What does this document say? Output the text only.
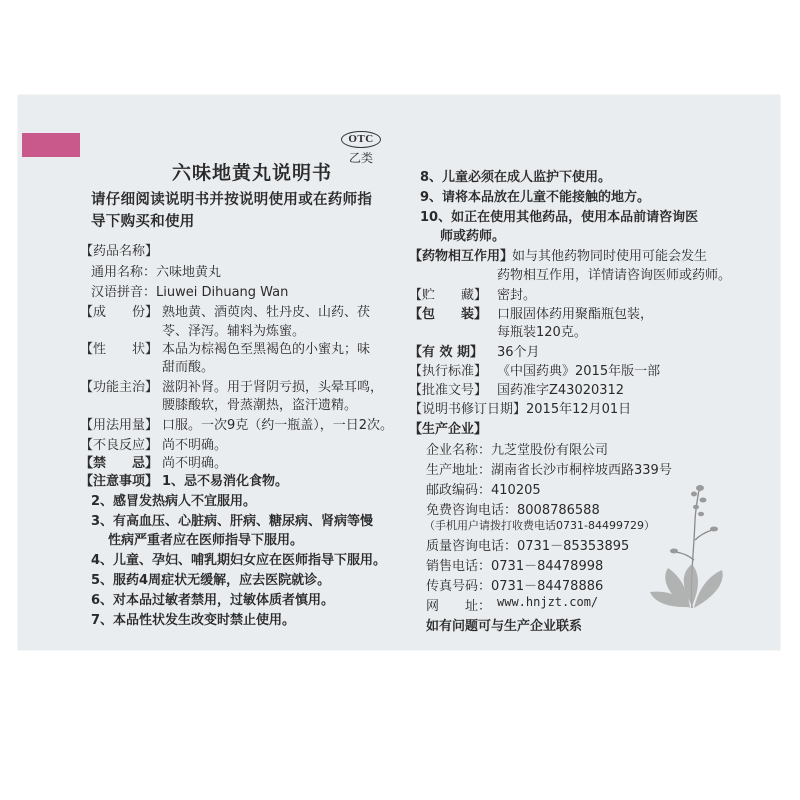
OTC
乙类
六味地黄丸说明书
请仔细阅读说明书并按说明使用或在药师指
导下购买和使用
【药品名称】
通用名称：六味地黄丸
汉语拼音：Liuwei Dihuang Wan
【成　　份】 熟地黄、酒萸肉、牡丹皮、山药、茯
苓、泽泻。辅料为炼蜜。
【性　　状】 本品为棕褐色至黑褐色的小蜜丸；味
甜而酸。
【功能主治】 滋阴补肾。用于肾阴亏损，头晕耳鸣，
腰膝酸软，骨蒸潮热，盗汗遗精。
【用法用量】 口服。一次9克（约一瓶盖），一日2次。
【不良反应】 尚不明确。
【禁　　忌】 尚不明确。
【注意事项】 1、忌不易消化食物。
2、感冒发热病人不宜服用。
3、有高血压、心脏病、肝病、糖尿病、肾病等慢
性病严重者应在医师指导下服用。
4、儿童、孕妇、哺乳期妇女应在医师指导下服用。
5、服药4周症状无缓解，应去医院就诊。
6、对本品过敏者禁用，过敏体质者慎用。
7、本品性状发生改变时禁止使用。
8、儿童必须在成人监护下使用。
9、请将本品放在儿童不能接触的地方。
10、如正在使用其他药品，使用本品前请咨询医
师或药师。
【药物相互作用】
如与其他药物同时使用可能会发生
药物相互作用，详情请咨询医师或药师。
【贮　　藏】 密封。
【包　　装】 口服固体药用聚酯瓶包装，
每瓶装120克。
【有 效 期】 36个月
【执行标准】 《中国药典》2015年版一部
【批准文号】 国药准字Z43020312
【说明书修订日期】 2015年12月01日
【生产企业】
企业名称：九芝堂股份有限公司
生产地址：湖南省长沙市桐梓坡西路339号
邮政编码：410205
免费咨询电话：8008786588
（手机用户请拨打收费电话0731-84499729）
质量咨询电话：0731－85353895
销售电话：0731－84478998
传真号码：0731－84478886
网　　址： www.hnjzt.com/
如有问题可与生产企业联系
